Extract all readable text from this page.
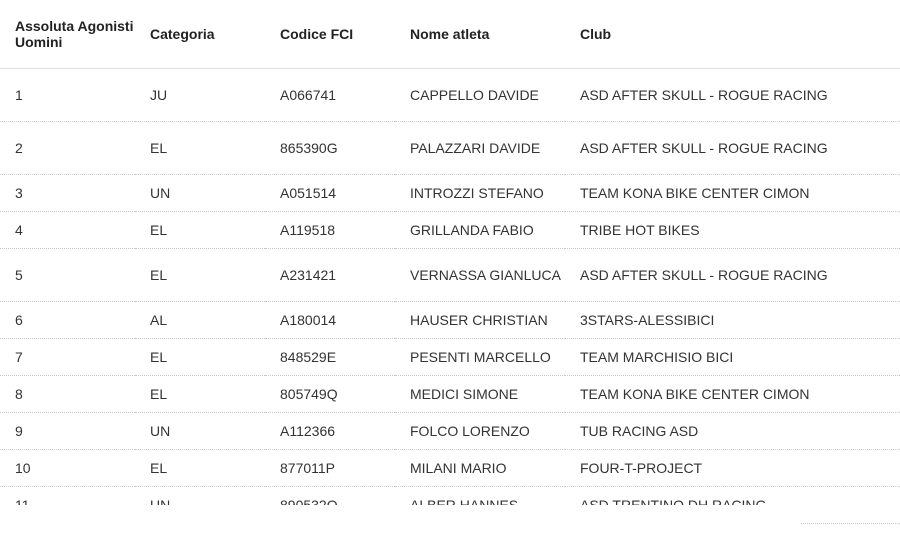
Assoluta Agonisti Uomini	Categoria	Codice FCI	Nome atleta	Club
1	JU	A066741	CAPPELLO DAVIDE	ASD AFTER SKULL - ROGUE RACING
2	EL	865390G	PALAZZARI DAVIDE	ASD AFTER SKULL - ROGUE RACING
3	UN	A051514	INTROZZI STEFANO	TEAM KONA BIKE CENTER CIMON
4	EL	A119518	GRILLANDA FABIO	TRIBE HOT BIKES
5	EL	A231421	VERNASSA GIANLUCA	ASD AFTER SKULL - ROGUE RACING
6	AL	A180014	HAUSER CHRISTIAN	3STARS-ALESSIBICI
7	EL	848529E	PESENTI MARCELLO	TEAM MARCHISIO BICI
8	EL	805749Q	MEDICI SIMONE	TEAM KONA BIKE CENTER CIMON
9	UN	A112366	FOLCO LORENZO	TUB RACING ASD
10	EL	877011P	MILANI MARIO	FOUR-T-PROJECT
